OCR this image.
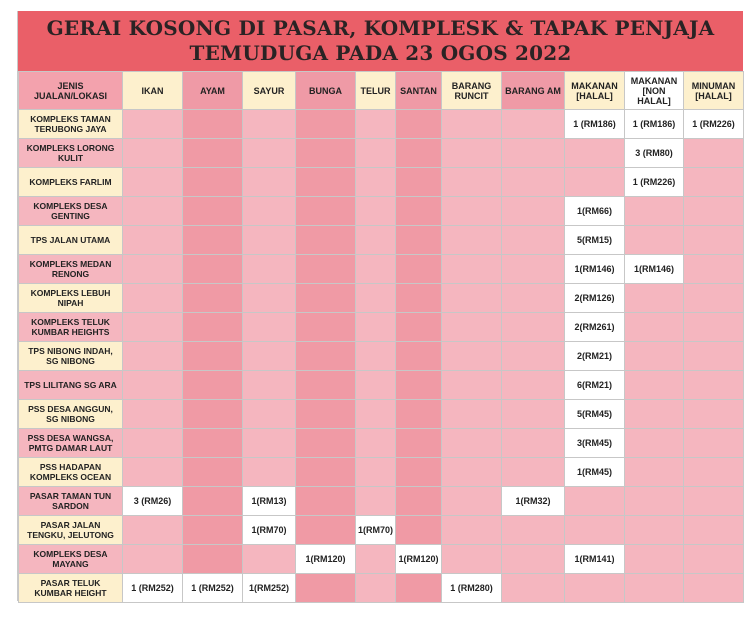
GERAI KOSONG DI PASAR, KOMPLESK & TAPAK PENJAJA
TEMUDUGA PADA 23 OGOS 2022
JENIS JUALAN/LOKASI	IKAN	AYAM	SAYUR	BUNGA	TELUR	SANTAN	BARANG RUNCIT	BARANG AM	MAKANAN [HALAL]	MAKANAN [NON HALAL]	MINUMAN [HALAL]
KOMPLEKS TAMAN TERUBONG JAYA									1 (RM186)	1 (RM186)	1 (RM226)
KOMPLEKS LORONG KULIT										3 (RM80)	
KOMPLEKS FARLIM										1 (RM226)	
KOMPLEKS DESA GENTING									1(RM66)		
TPS JALAN UTAMA									5(RM15)		
KOMPLEKS MEDAN RENONG									1(RM146)	1(RM146)	
KOMPLEKS LEBUH NIPAH									2(RM126)		
KOMPLEKS TELUK KUMBAR HEIGHTS									2(RM261)		
TPS NIBONG INDAH, SG NIBONG									2(RM21)		
TPS LILITANG SG ARA									6(RM21)		
PSS DESA ANGGUN, SG NIBONG									5(RM45)		
PSS DESA WANGSA, PMTG DAMAR LAUT									3(RM45)		
PSS HADAPAN KOMPLEKS OCEAN									1(RM45)		
PASAR TAMAN TUN SARDON	3 (RM26)		1(RM13)					1(RM32)			
PASAR JALAN TENGKU, JELUTONG			1(RM70)		1(RM70)						
KOMPLEKS DESA MAYANG				1(RM120)		1(RM120)			1(RM141)		
PASAR TELUK KUMBAR HEIGHT	1 (RM252)	1 (RM252)	1(RM252)				1 (RM280)				
